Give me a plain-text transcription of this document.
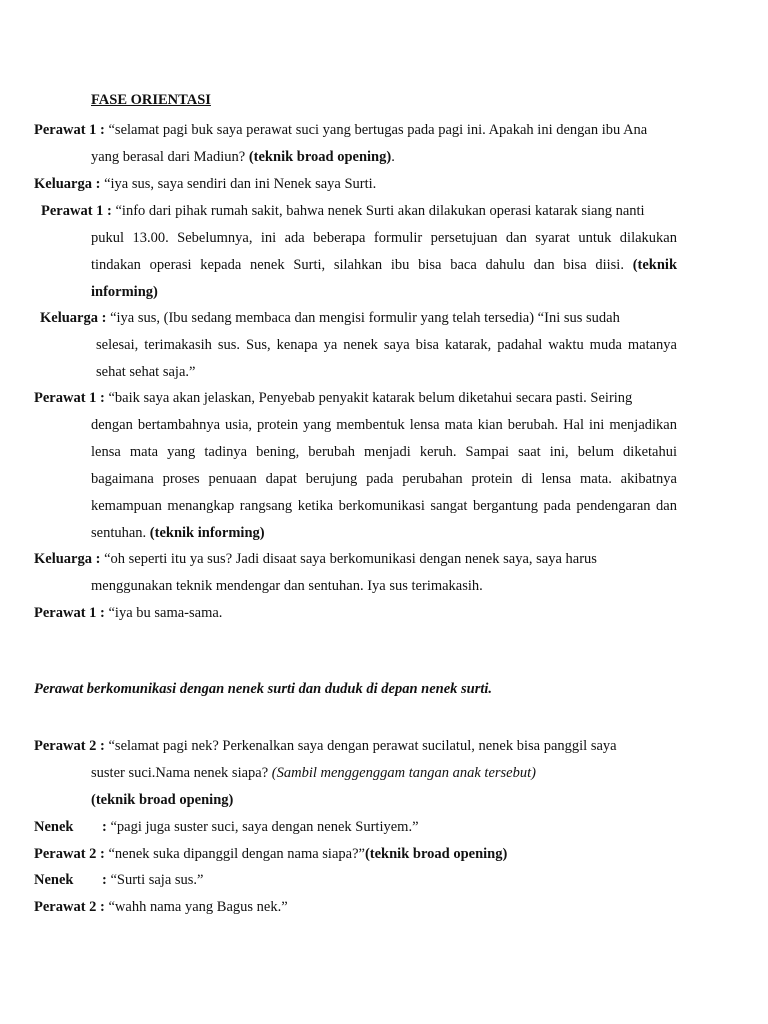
FASE ORIENTASI
Perawat 1 : “selamat pagi buk saya perawat suci yang bertugas pada pagi ini. Apakah ini dengan ibu Ana
yang berasal dari Madiun? (teknik broad opening).
Keluarga : “iya sus, saya sendiri dan ini Nenek saya Surti.
Perawat 1 : “info dari pihak rumah sakit, bahwa nenek Surti akan dilakukan operasi katarak siang nanti
pukul 13.00. Sebelumnya, ini ada beberapa formulir persetujuan dan syarat untuk dilakukan tindakan operasi kepada nenek Surti, silahkan ibu bisa baca dahulu dan bisa diisi. (teknik informing)
Keluarga : “iya sus, (Ibu sedang membaca dan mengisi formulir yang telah tersedia) “Ini sus sudah
selesai, terimakasih sus. Sus, kenapa ya nenek saya bisa katarak, padahal waktu muda matanya sehat sehat saja.”
Perawat 1 : “baik saya akan jelaskan, Penyebab penyakit katarak belum diketahui secara pasti. Seiring
dengan bertambahnya usia, protein yang membentuk lensa mata kian berubah. Hal ini menjadikan lensa mata yang tadinya bening, berubah menjadi keruh. Sampai saat ini, belum diketahui bagaimana proses penuaan dapat berujung pada perubahan protein di lensa mata. akibatnya kemampuan menangkap rangsang ketika berkomunikasi sangat bergantung pada pendengaran dan sentuhan. (teknik informing)
Keluarga : “oh seperti itu ya sus? Jadi disaat saya berkomunikasi dengan nenek saya, saya harus
menggunakan teknik mendengar dan sentuhan. Iya sus terimakasih.
Perawat 1 : “iya bu sama-sama.
Perawat berkomunikasi dengan nenek surti dan duduk di depan nenek surti.
Perawat 2 : “selamat pagi nek? Perkenalkan saya dengan perawat sucilatul, nenek bisa panggil saya
suster suci.Nama nenek siapa? (Sambil menggenggam tangan anak tersebut)
(teknik broad opening)
Nenek : “pagi juga suster suci, saya dengan nenek Surtiyem.”
Perawat 2 : “nenek suka dipanggil dengan nama siapa?”(teknik broad opening)
Nenek : “Surti saja sus.”
Perawat 2 : “wahh nama yang Bagus nek.”
